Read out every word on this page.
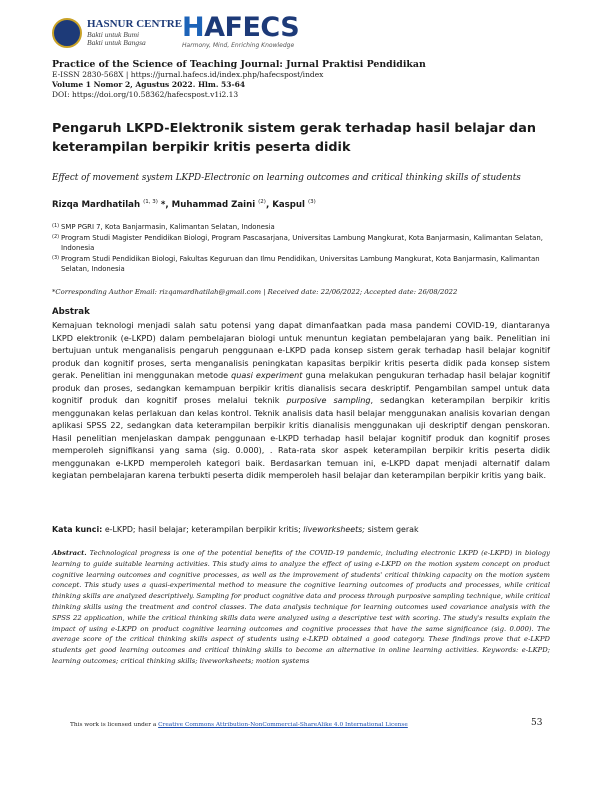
HASNUR CENTRE
Bakti untuk Bumi
Bakti untuk Bangsa	HAFECS
Harmony, Mind, Enriching Knowledge
Practice of the Science of Teaching Journal: Jurnal Praktisi Pendidikan
E-ISSN 2830-568X | https://jurnal.hafecs.id/index.php/hafecspost/index
Volume 1 Nomor 2, Agustus 2022. Hlm. 53-64
DOI: https://doi.org/10.58362/hafecspost.v1i2.13
Pengaruh LKPD-Elektronik sistem gerak terhadap hasil belajar dan keterampilan berpikir kritis peserta didik
Effect of movement system LKPD-Electronic on learning outcomes and critical thinking skills of students
Rizqa Mardhatilah $^{(1, 3)}$ *, Muhammad Zaini $^{(2)}$, Kaspul $^{(3)}$
(1) SMP PGRI 7, Kota Banjarmasin, Kalimantan Selatan, Indonesia
(2) Program Studi Magister Pendidikan Biologi, Program Pascasarjana, Universitas Lambung Mangkurat, Kota Banjarmasin, Kalimantan Selatan, Indonesia
(3) Program Studi Pendidikan Biologi, Fakultas Keguruan dan Ilmu Pendidikan, Universitas Lambung Mangkurat, Kota Banjarmasin, Kalimantan Selatan, Indonesia
*Corresponding Author Email: rizqamardhatilah@gmail.com | Received date: 22/06/2022; Accepted date: 26/08/2022
Abstrak
Kemajuan teknologi menjadi salah satu potensi yang dapat dimanfaatkan pada masa pandemi COVID-19, diantaranya LKPD elektronik (e-LKPD) dalam pembelajaran biologi untuk menuntun kegiatan pembelajaran yang baik. Penelitian ini bertujuan untuk menganalisis pengaruh penggunaan e-LKPD pada konsep sistem gerak terhadap hasil belajar kognitif produk dan kognitif proses, serta menganalisis peningkatan kapasitas berpikir kritis peserta didik pada konsep sistem gerak. Penelitian ini menggunakan metode quasi experiment guna melakukan pengukuran terhadap hasil belajar kognitif produk dan proses, sedangkan kemampuan berpikir kritis dianalisis secara deskriptif. Pengambilan sampel untuk data kognitif produk dan kognitif proses melalui teknik purposive sampling, sedangkan keterampilan berpikir kritis menggunakan kelas perlakuan dan kelas kontrol. Teknik analisis data hasil belajar menggunakan analisis kovarian dengan aplikasi SPSS 22, sedangkan data keterampilan berpikir kritis dianalisis menggunakan uji deskriptif dengan penskoran. Hasil penelitian menjelaskan dampak penggunaan e-LKPD terhadap hasil belajar kognitif produk dan kognitif proses memperoleh signifikansi yang sama (sig. 0.000), . Rata-rata skor aspek keterampilan berpikir kritis peserta didik menggunakan e-LKPD memperoleh kategori baik. Berdasarkan temuan ini, e-LKPD dapat menjadi alternatif dalam kegiatan pembelajaran karena terbukti peserta didik memperoleh hasil belajar dan keterampilan berpikir kritis yang baik.
Kata kunci: e-LKPD; hasil belajar; keterampilan berpikir kritis; liveworksheets; sistem gerak
Abstract. Technological progress is one of the potential benefits of the COVID-19 pandemic, including electronic LKPD (e-LKPD) in biology learning to guide suitable learning activities. This study aims to analyze the effect of using e-LKPD on the motion system concept on product cognitive learning outcomes and cognitive processes, as well as the improvement of students' critical thinking capacity on the motion system concept. This study uses a quasi-experimental method to measure the cognitive learning outcomes of products and processes, while critical thinking skills are analyzed descriptively. Sampling for product cognitive data and process through purposive sampling technique, while critical thinking skills using the treatment and control classes. The data analysis technique for learning outcomes used covariance analysis with the SPSS 22 application, while the critical thinking skills data were analyzed using a descriptive test with scoring. The study's results explain the impact of using e-LKPD on product cognitive learning outcomes and cognitive processes that have the same significance (sig. 0.000). The average score of the critical thinking skills aspect of students using e-LKPD obtained a good category. These findings prove that e-LKPD students get good learning outcomes and critical thinking skills to become an alternative in online learning activities. Keywords: e-LKPD; learning outcomes; critical thinking skills; liveworksheets; motion systems
This work is licensed under a Creative Commons Attribution-NonCommercial-ShareAlike 4.0 International License	53
